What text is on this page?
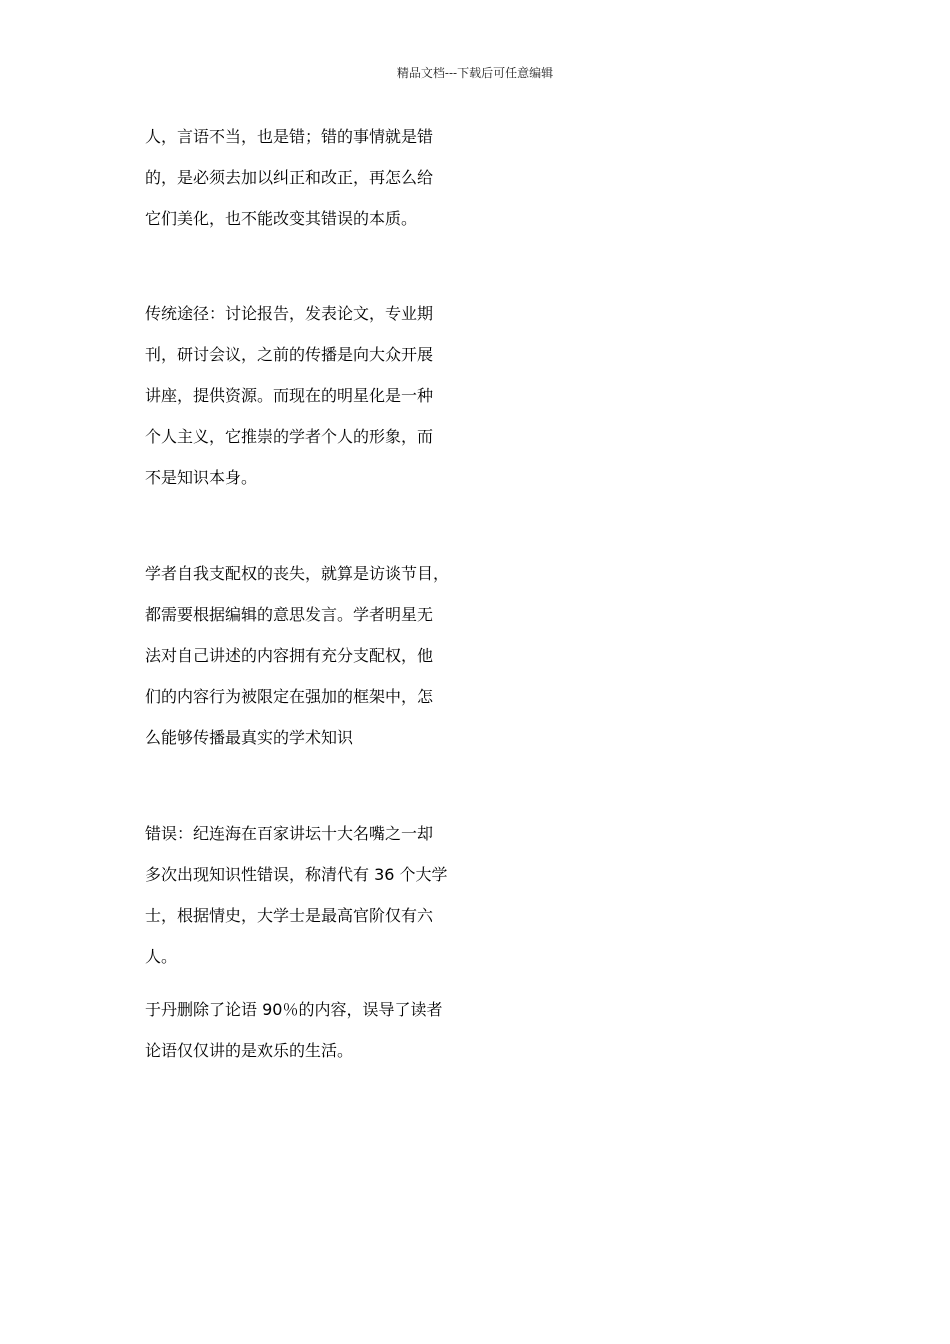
精品文档---下载后可任意编辑
人，言语不当，也是错；错的事情就是错
的，是必须去加以纠正和改正，再怎么给
它们美化，也不能改变其错误的本质。
传统途径：讨论报告，发表论文，专业期
刊，研讨会议，之前的传播是向大众开展
讲座，提供资源。而现在的明星化是一种
个人主义，它推崇的学者个人的形象，而
不是知识本身。
学者自我支配权的丧失，就算是访谈节目，
都需要根据编辑的意思发言。学者明星无
法对自己讲述的内容拥有充分支配权，他
们的内容行为被限定在强加的框架中，怎
么能够传播最真实的学术知识
错误：纪连海在百家讲坛十大名嘴之一却
多次出现知识性错误，称清代有 36 个大学
士，根据情史，大学士是最高官阶仅有六
人。
于丹删除了论语 90％的内容，误导了读者
论语仅仅讲的是欢乐的生活。
